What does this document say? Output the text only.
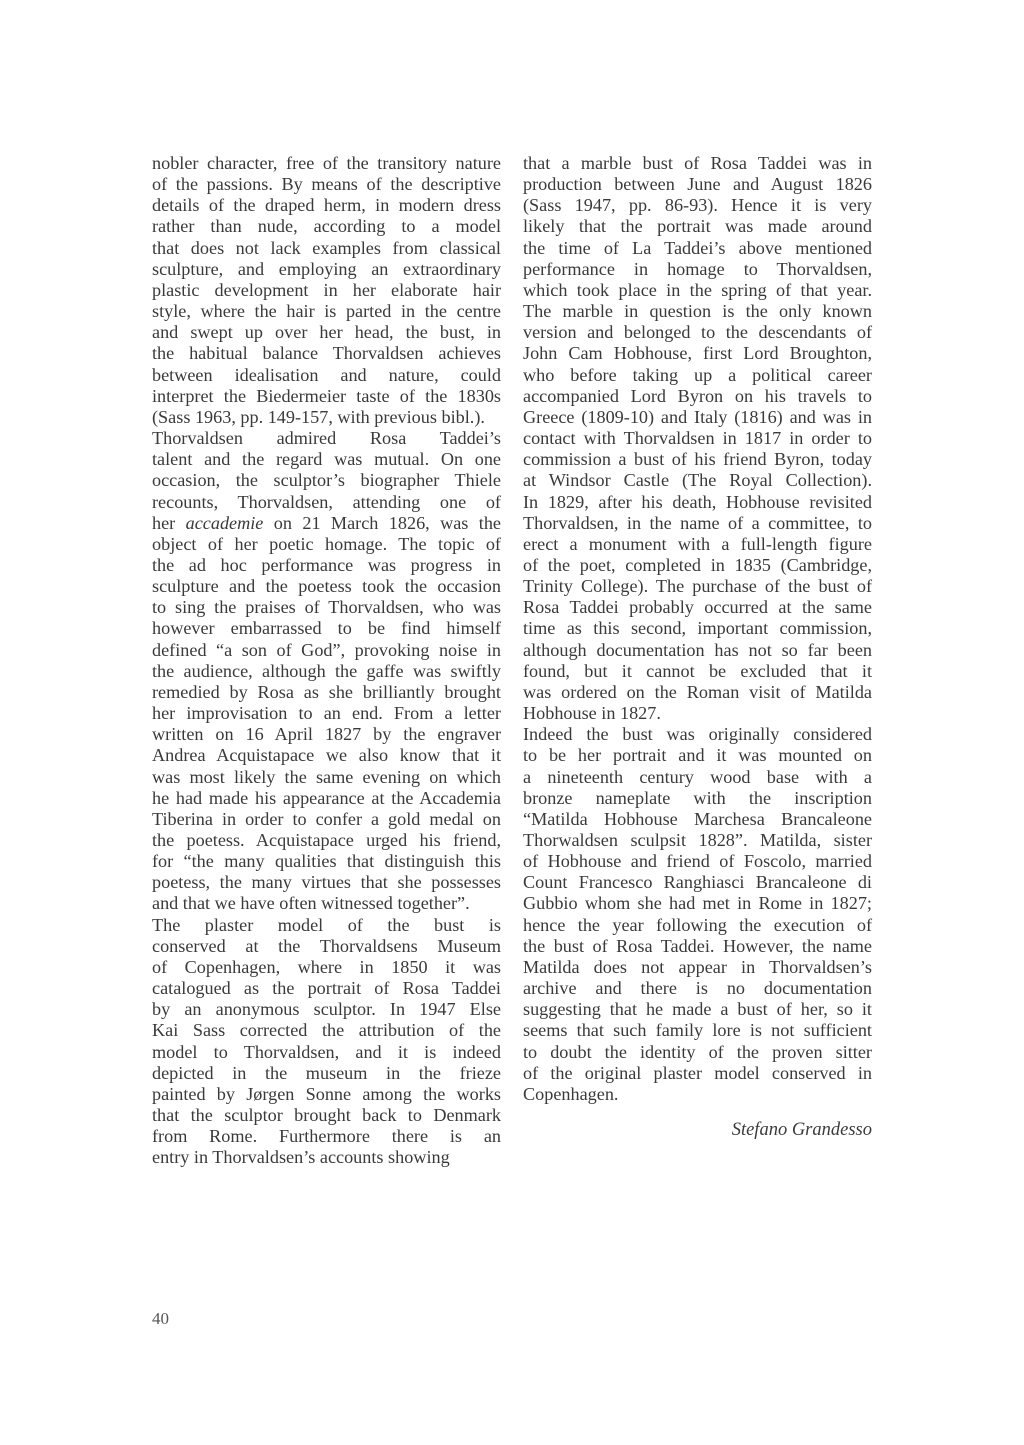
nobler character, free of the transitory nature
of the passions. By means of the descriptive
details of the draped herm, in modern dress
rather than nude, according to a model
that does not lack examples from classical
sculpture, and employing an extraordinary
plastic development in her elaborate hair
style, where the hair is parted in the centre
and swept up over her head, the bust, in
the habitual balance Thorvaldsen achieves
between idealisation and nature, could
interpret the Biedermeier taste of the 1830s
(Sass 1963, pp. 149-157, with previous bibl.).

Thorvaldsen admired Rosa Taddei’s
talent and the regard was mutual. On one
occasion, the sculptor’s biographer Thiele
recounts, Thorvaldsen, attending one of
her accademie on 21 March 1826, was the
object of her poetic homage. The topic of
the ad hoc performance was progress in
sculpture and the poetess took the occasion
to sing the praises of Thorvaldsen, who was
however embarrassed to be find himself
defined “a son of God”, provoking noise in
the audience, although the gaffe was swiftly
remedied by Rosa as she brilliantly brought
her improvisation to an end. From a letter
written on 16 April 1827 by the engraver
Andrea Acquistapace we also know that it
was most likely the same evening on which
he had made his appearance at the Accademia
Tiberina in order to confer a gold medal on
the poetess. Acquistapace urged his friend,
for “the many qualities that distinguish this
poetess, the many virtues that she possesses
and that we have often witnessed together”.

The plaster model of the bust is
conserved at the Thorvaldsens Museum
of Copenhagen, where in 1850 it was
catalogued as the portrait of Rosa Taddei
by an anonymous sculptor. In 1947 Else
Kai Sass corrected the attribution of the
model to Thorvaldsen, and it is indeed
depicted in the museum in the frieze
painted by Jørgen Sonne among the works
that the sculptor brought back to Denmark
from Rome. Furthermore there is an
entry in Thorvaldsen’s accounts showing

that a marble bust of Rosa Taddei was in
production between June and August 1826
(Sass 1947, pp. 86-93). Hence it is very
likely that the portrait was made around
the time of La Taddei’s above mentioned
performance in homage to Thorvaldsen,
which took place in the spring of that year.
The marble in question is the only known
version and belonged to the descendants of
John Cam Hobhouse, first Lord Broughton,
who before taking up a political career
accompanied Lord Byron on his travels to
Greece (1809-10) and Italy (1816) and was in
contact with Thorvaldsen in 1817 in order to
commission a bust of his friend Byron, today
at Windsor Castle (The Royal Collection).
In 1829, after his death, Hobhouse revisited
Thorvaldsen, in the name of a committee, to
erect a monument with a full-length figure
of the poet, completed in 1835 (Cambridge,
Trinity College). The purchase of the bust of
Rosa Taddei probably occurred at the same
time as this second, important commission,
although documentation has not so far been
found, but it cannot be excluded that it
was ordered on the Roman visit of Matilda
Hobhouse in 1827.

Indeed the bust was originally considered
to be her portrait and it was mounted on
a nineteenth century wood base with a
bronze nameplate with the inscription
“Matilda Hobhouse Marchesa Brancaleone
Thorwaldsen sculpsit 1828”. Matilda, sister
of Hobhouse and friend of Foscolo, married
Count Francesco Ranghiasci Brancaleone di
Gubbio whom she had met in Rome in 1827;
hence the year following the execution of
the bust of Rosa Taddei. However, the name
Matilda does not appear in Thorvaldsen’s
archive and there is no documentation
suggesting that he made a bust of her, so it
seems that such family lore is not sufficient
to doubt the identity of the proven sitter
of the original plaster model conserved in
Copenhagen.

Stefano Grandesso
40
